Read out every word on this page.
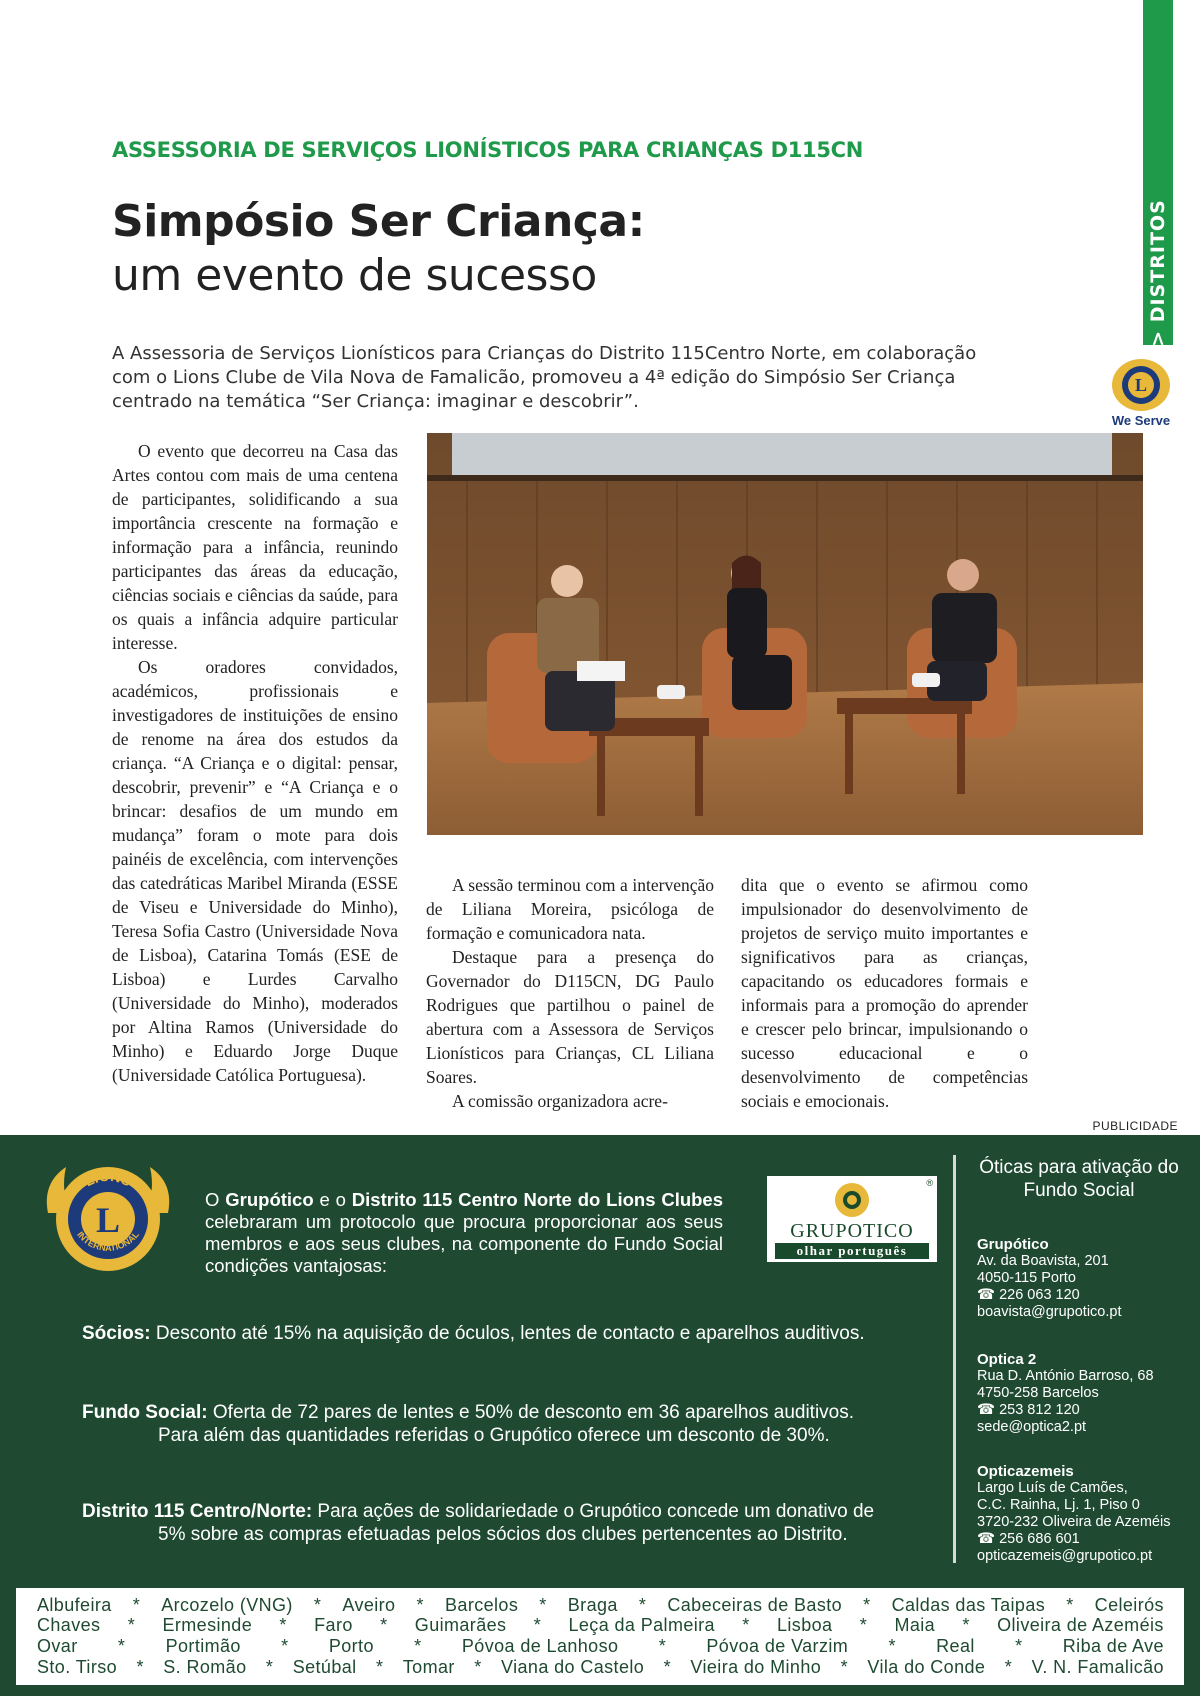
> DISTRITOS
L
We Serve
ASSESSORIA DE SERVIÇOS LIONÍSTICOS PARA CRIANÇAS D115CN
Simpósio Ser Criança:
um evento de sucesso
A Assessoria de Serviços Lionísticos para Crianças do Distrito 115Centro Norte, em colaboração com o Lions Clube de Vila Nova de Famalicão, promoveu a 4ª edição do Simpósio Ser Criança centrado na temática “Ser Criança: imaginar e descobrir”.

O evento que decorreu na Casa das Artes contou com mais de uma centena de participantes, solidificando a sua importância crescente na formação e informação para a infância, reunindo participantes das áreas da educação, ciências sociais e ciências da saúde, para os quais a infância adquire particular interesse.

Os oradores convidados, académicos, profissionais e investigadores de instituições de ensino de renome na área dos estudos da criança. “A Criança e o digital: pensar, descobrir, prevenir” e “A Criança e o brincar: desafios de um mundo em mudança” foram o mote para dois painéis de excelência, com intervenções das catedráticas Maribel Miranda (ESSE de Viseu e Universidade do Minho), Teresa Sofia Castro (Universidade Nova de Lisboa), Catarina Tomás (ESE de Lisboa) e Lurdes Carvalho (Universidade do Minho), moderados por Altina Ramos (Universidade do Minho) e Eduardo Jorge Duque (Universidade Católica Portuguesa).

A sessão terminou com a intervenção de Liliana Moreira, psicóloga de formação e comunicadora nata.

Destaque para a presença do Governador do D115CN, DG Paulo Rodrigues que partilhou o painel de abertura com a Assessora de Serviços Lionísticos para Crianças, CL Liliana Soares.

A comissão organizadora acre-

dita que o evento se afirmou como impulsionador do desenvolvimento de projetos de serviço muito importantes e significativos para as crianças, capacitando os educadores formais e informais para a promoção do aprender e crescer pelo brincar, impulsionando o sucesso educacional e o desenvolvimento de competências sociais e emocionais.

PUBLICIDADE
L
LIONS
INTERNATIONAL
O Grupótico e o Distrito 115 Centro Norte do Lions Clubes celebraram um protocolo que procura proporcionar aos seus membros e aos seus clubes, na componente do Fundo Social condições vantajosas:
®
GRUPOTICO
olhar português
Sócios: Desconto até 15% na aquisição de óculos, lentes de contacto e aparelhos auditivos.
Fundo Social: Oferta de 72 pares de lentes e 50% de desconto em 36 aparelhos auditivos.
Para além das quantidades referidas o Grupótico oferece um desconto de 30%.
Distrito 115 Centro/Norte: Para ações de solidariedade o Grupótico concede um donativo de
5% sobre as compras efetuadas pelos sócios dos clubes pertencentes ao Distrito.
Óticas para ativação do Fundo Social
Grupótico
Av. da Boavista, 201
4050-115 Porto
☎ 226 063 120
boavista@grupotico.pt
Optica 2
Rua D. António Barroso, 68
4750-258 Barcelos
☎ 253 812 120
sede@optica2.pt
Opticazemeis
Largo Luís de Camões,
C.C. Rainha, Lj. 1, Piso 0
3720-232 Oliveira de Azeméis
☎ 256 686 601
opticazemeis@grupotico.pt
Albufeira * Arcozelo (VNG) * Aveiro * Barcelos * Braga * Cabeceiras de Basto * Caldas das Taipas * Celeirós
Chaves * Ermesinde * Faro * Guimarães * Leça da Palmeira * Lisboa * Maia * Oliveira de Azeméis
Ovar * Portimão * Porto * Póvoa de Lanhoso * Póvoa de Varzim * Real * Riba de Ave
Sto. Tirso * S. Romão * Setúbal * Tomar * Viana do Castelo * Vieira do Minho * Vila do Conde * V. N. Famalicão
